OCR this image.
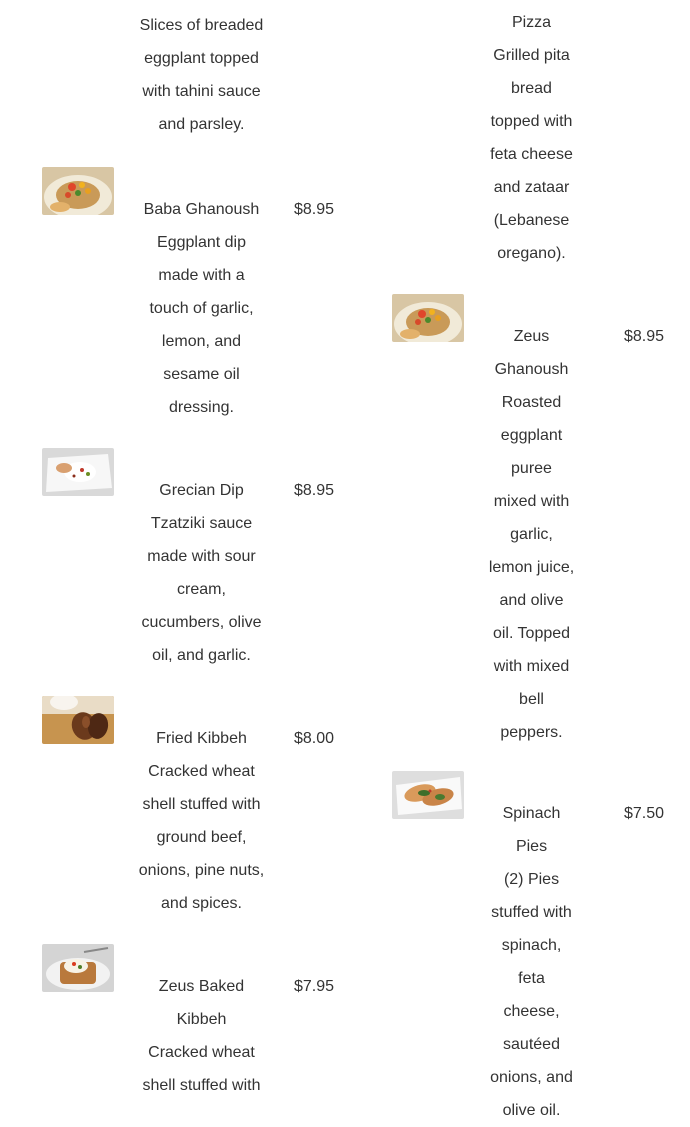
Slices of breaded eggplant topped with tahini sauce and parsley.
Baba Ghanoush
Eggplant dip made with a touch of garlic, lemon, and sesame oil dressing.
$8.95
Grecian Dip
Tzatziki sauce made with sour cream, cucumbers, olive oil, and garlic.
$8.95
Fried Kibbeh
Cracked wheat shell stuffed with ground beef, onions, pine nuts, and spices.
$8.00
Zeus Baked Kibbeh
Cracked wheat shell stuffed with
$7.95
Pizza
Grilled pita bread topped with feta cheese and zataar (Lebanese oregano).
Zeus Ghanoush
Roasted eggplant puree mixed with garlic, lemon juice, and olive oil. Topped with mixed bell peppers.
$8.95
Spinach Pies
(2) Pies stuffed with spinach, feta cheese, sautéed onions, and olive oil.
$7.50
